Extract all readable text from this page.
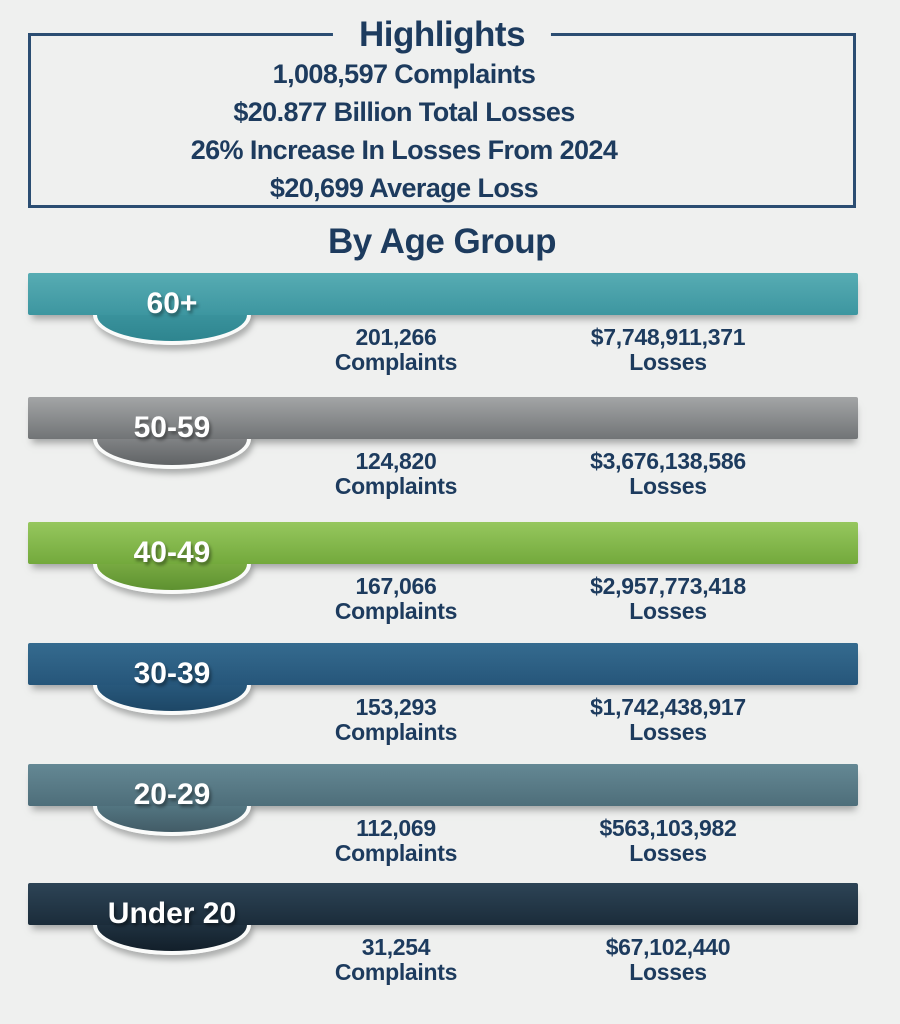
Highlights

1,008,597 Complaints

$20.877 Billion Total Losses

26% Increase In Losses From 2024

$20,699 Average Loss

By Age Group
60+
201,266
Complaints
$7,748,911,371
Losses
50-59
124,820
Complaints
$3,676,138,586
Losses
40-49
167,066
Complaints
$2,957,773,418
Losses
30-39
153,293
Complaints
$1,742,438,917
Losses
20-29
112,069
Complaints
$563,103,982
Losses
Under 20
31,254
Complaints
$67,102,440
Losses
